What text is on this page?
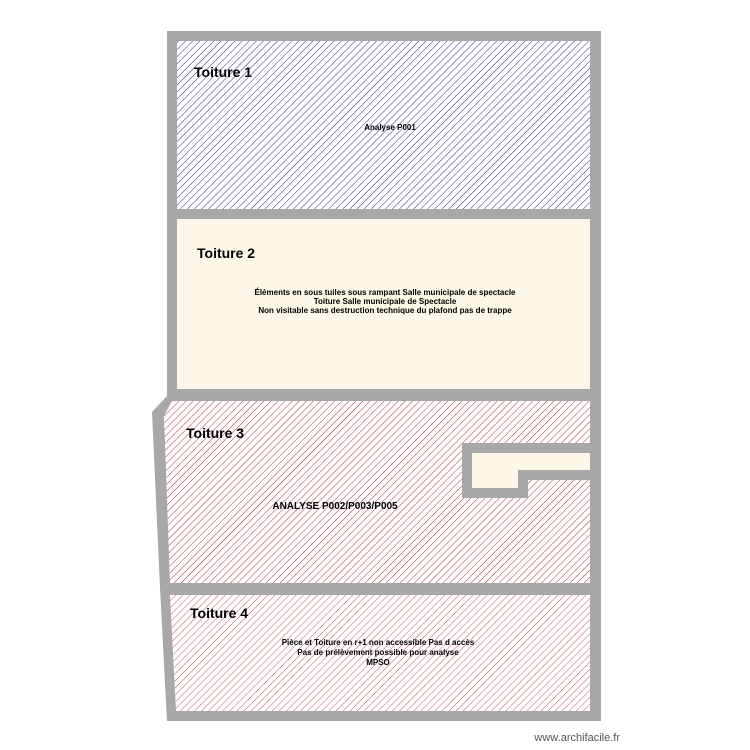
Toiture 1
Toiture 2
Toiture 3
Toiture 4
Analyse P001
Éléments en sous tuiles sous rampant Salle municipale de spectacle
Toiture Salle municipale de Spectacle
Non visitable sans destruction technique du plafond pas de trappe
ANALYSE P002/P003/P005
Pièce et Toiture en r+1 non accessible Pas d accès
Pas de prélèvement possible pour analyse
MPSO
www.archifacile.fr
